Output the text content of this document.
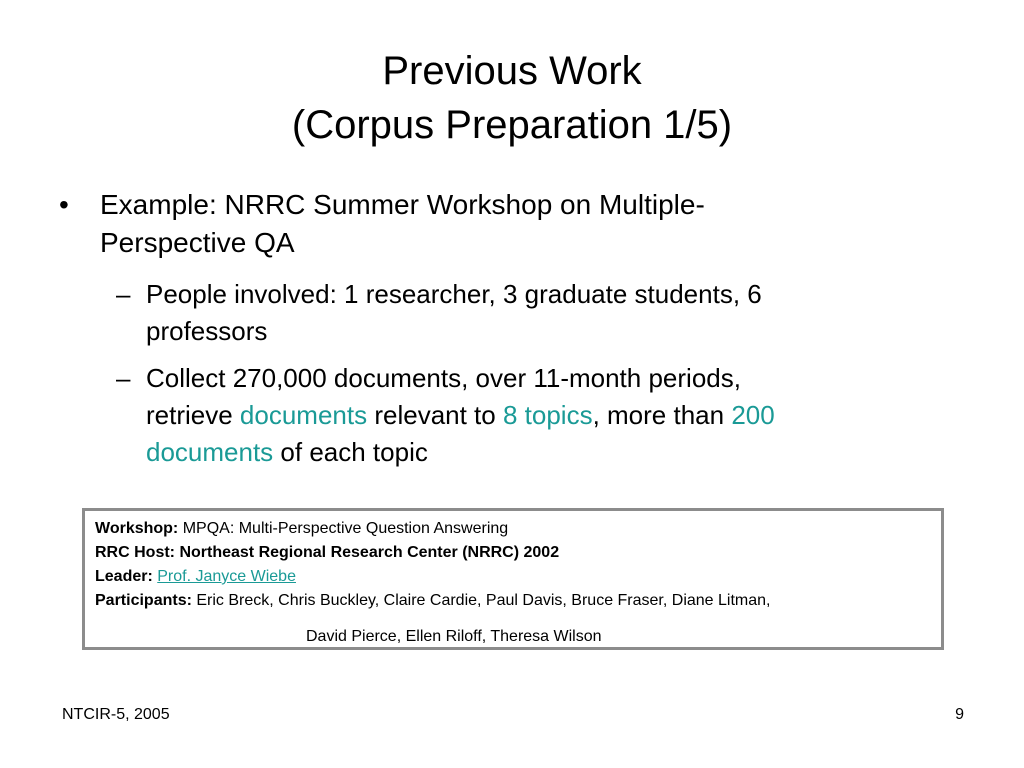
Previous Work
(Corpus Preparation 1/5)
• Example: NRRC Summer Workshop on Multiple-
Perspective QA
– People involved: 1 researcher, 3 graduate students, 6
professors
– Collect 270,000 documents, over 11-month periods,
retrieve documents relevant to 8 topics, more than 200
documents of each topic
Workshop: MPQA: Multi-Perspective Question Answering
RRC Host: Northeast Regional Research Center (NRRC) 2002
Leader: Prof. Janyce Wiebe
Participants: Eric Breck, Chris Buckley, Claire Cardie, Paul Davis, Bruce Fraser, Diane Litman,
David Pierce, Ellen Riloff, Theresa Wilson
NTCIR-5, 2005	9
